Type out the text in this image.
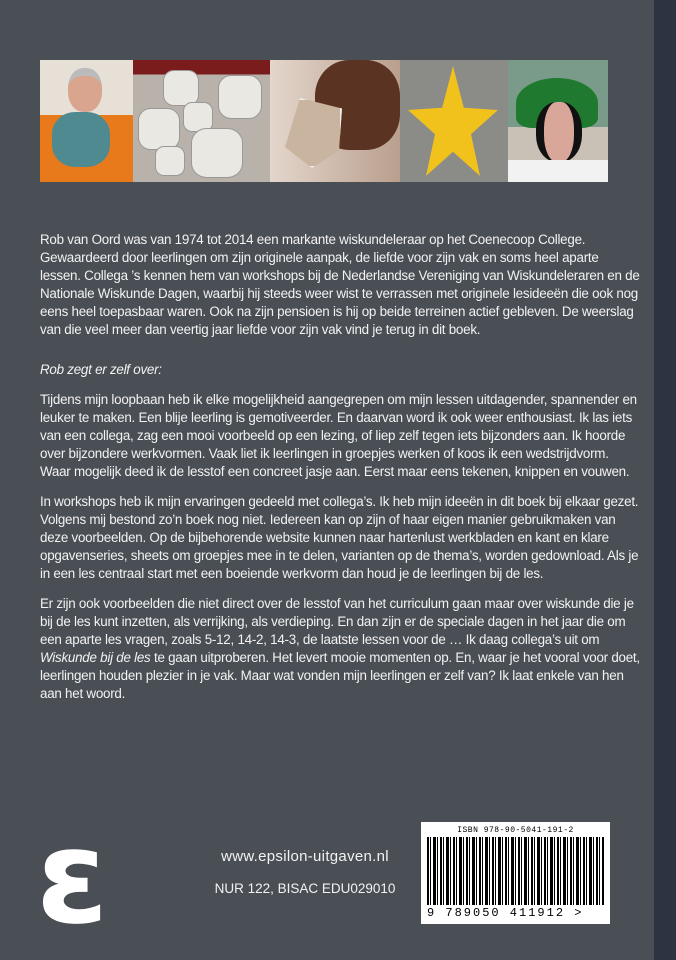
Rob van Oord was van 1974 tot 2014 een markante wiskundeleraar op het Coenecoop College. Gewaardeerd door leerlingen om zijn originele aanpak, de liefde voor zijn vak en soms heel aparte lessen. Collega ’s kennen hem van workshops bij de Nederlandse Vereniging van Wiskundeleraren en de Nationale Wiskunde Dagen, waarbij hij steeds weer wist te verrassen met originele lesideeën die ook nog eens heel toepasbaar waren. Ook na zijn pensioen is hij op beide terreinen actief gebleven. De weerslag van die veel meer dan veertig jaar liefde voor zijn vak vind je terug in dit boek.

Rob zegt er zelf over:

Tijdens mijn loopbaan heb ik elke mogelijkheid aangegrepen om mijn lessen uitdagender, spannender en leuker te maken. Een blije leerling is gemotiveerder. En daarvan word ik ook weer enthousiast. Ik las iets van een collega, zag een mooi voorbeeld op een lezing, of liep zelf tegen iets bijzonders aan. Ik hoorde over bijzondere werkvormen. Vaak liet ik leerlingen in groepjes werken of koos ik een wedstrijdvorm. Waar mogelijk deed ik de lesstof een concreet jasje aan. Eerst maar eens tekenen, knippen en vouwen.

In workshops heb ik mijn ervaringen gedeeld met collega’s. Ik heb mijn ideeën in dit boek bij elkaar gezet. Volgens mij bestond zo’n boek nog niet. Iedereen kan op zijn of haar eigen manier gebruikmaken van deze voorbeelden. Op de bijbehorende website kunnen naar hartenlust werkbladen en kant en klare opgavenseries, sheets om groepjes mee in te delen, varianten op de thema’s, worden gedownload. Als je in een les centraal start met een boeiende werkvorm dan houd je de leerlingen bij de les.

Er zijn ook voorbeelden die niet direct over de lesstof van het curriculum gaan maar over wiskunde die je bij de les kunt inzetten, als verrijking, als verdieping. En dan zijn er de speciale dagen in het jaar die om een aparte les vragen, zoals 5-12, 14-2, 14-3, de laatste lessen voor de … Ik daag collega’s uit om Wiskunde bij de les te gaan uitproberen. Het levert mooie momenten op. En, waar je het vooral voor doet, leerlingen houden plezier in je vak. Maar wat vonden mijn leerlingen er zelf van? Ik laat enkele van hen aan het woord.

ε	www.epsilon-uitgaven.nl
NUR 122, BISAC EDU029010
ISBN 978-90-5041-191-2
9 789050 411912 >
